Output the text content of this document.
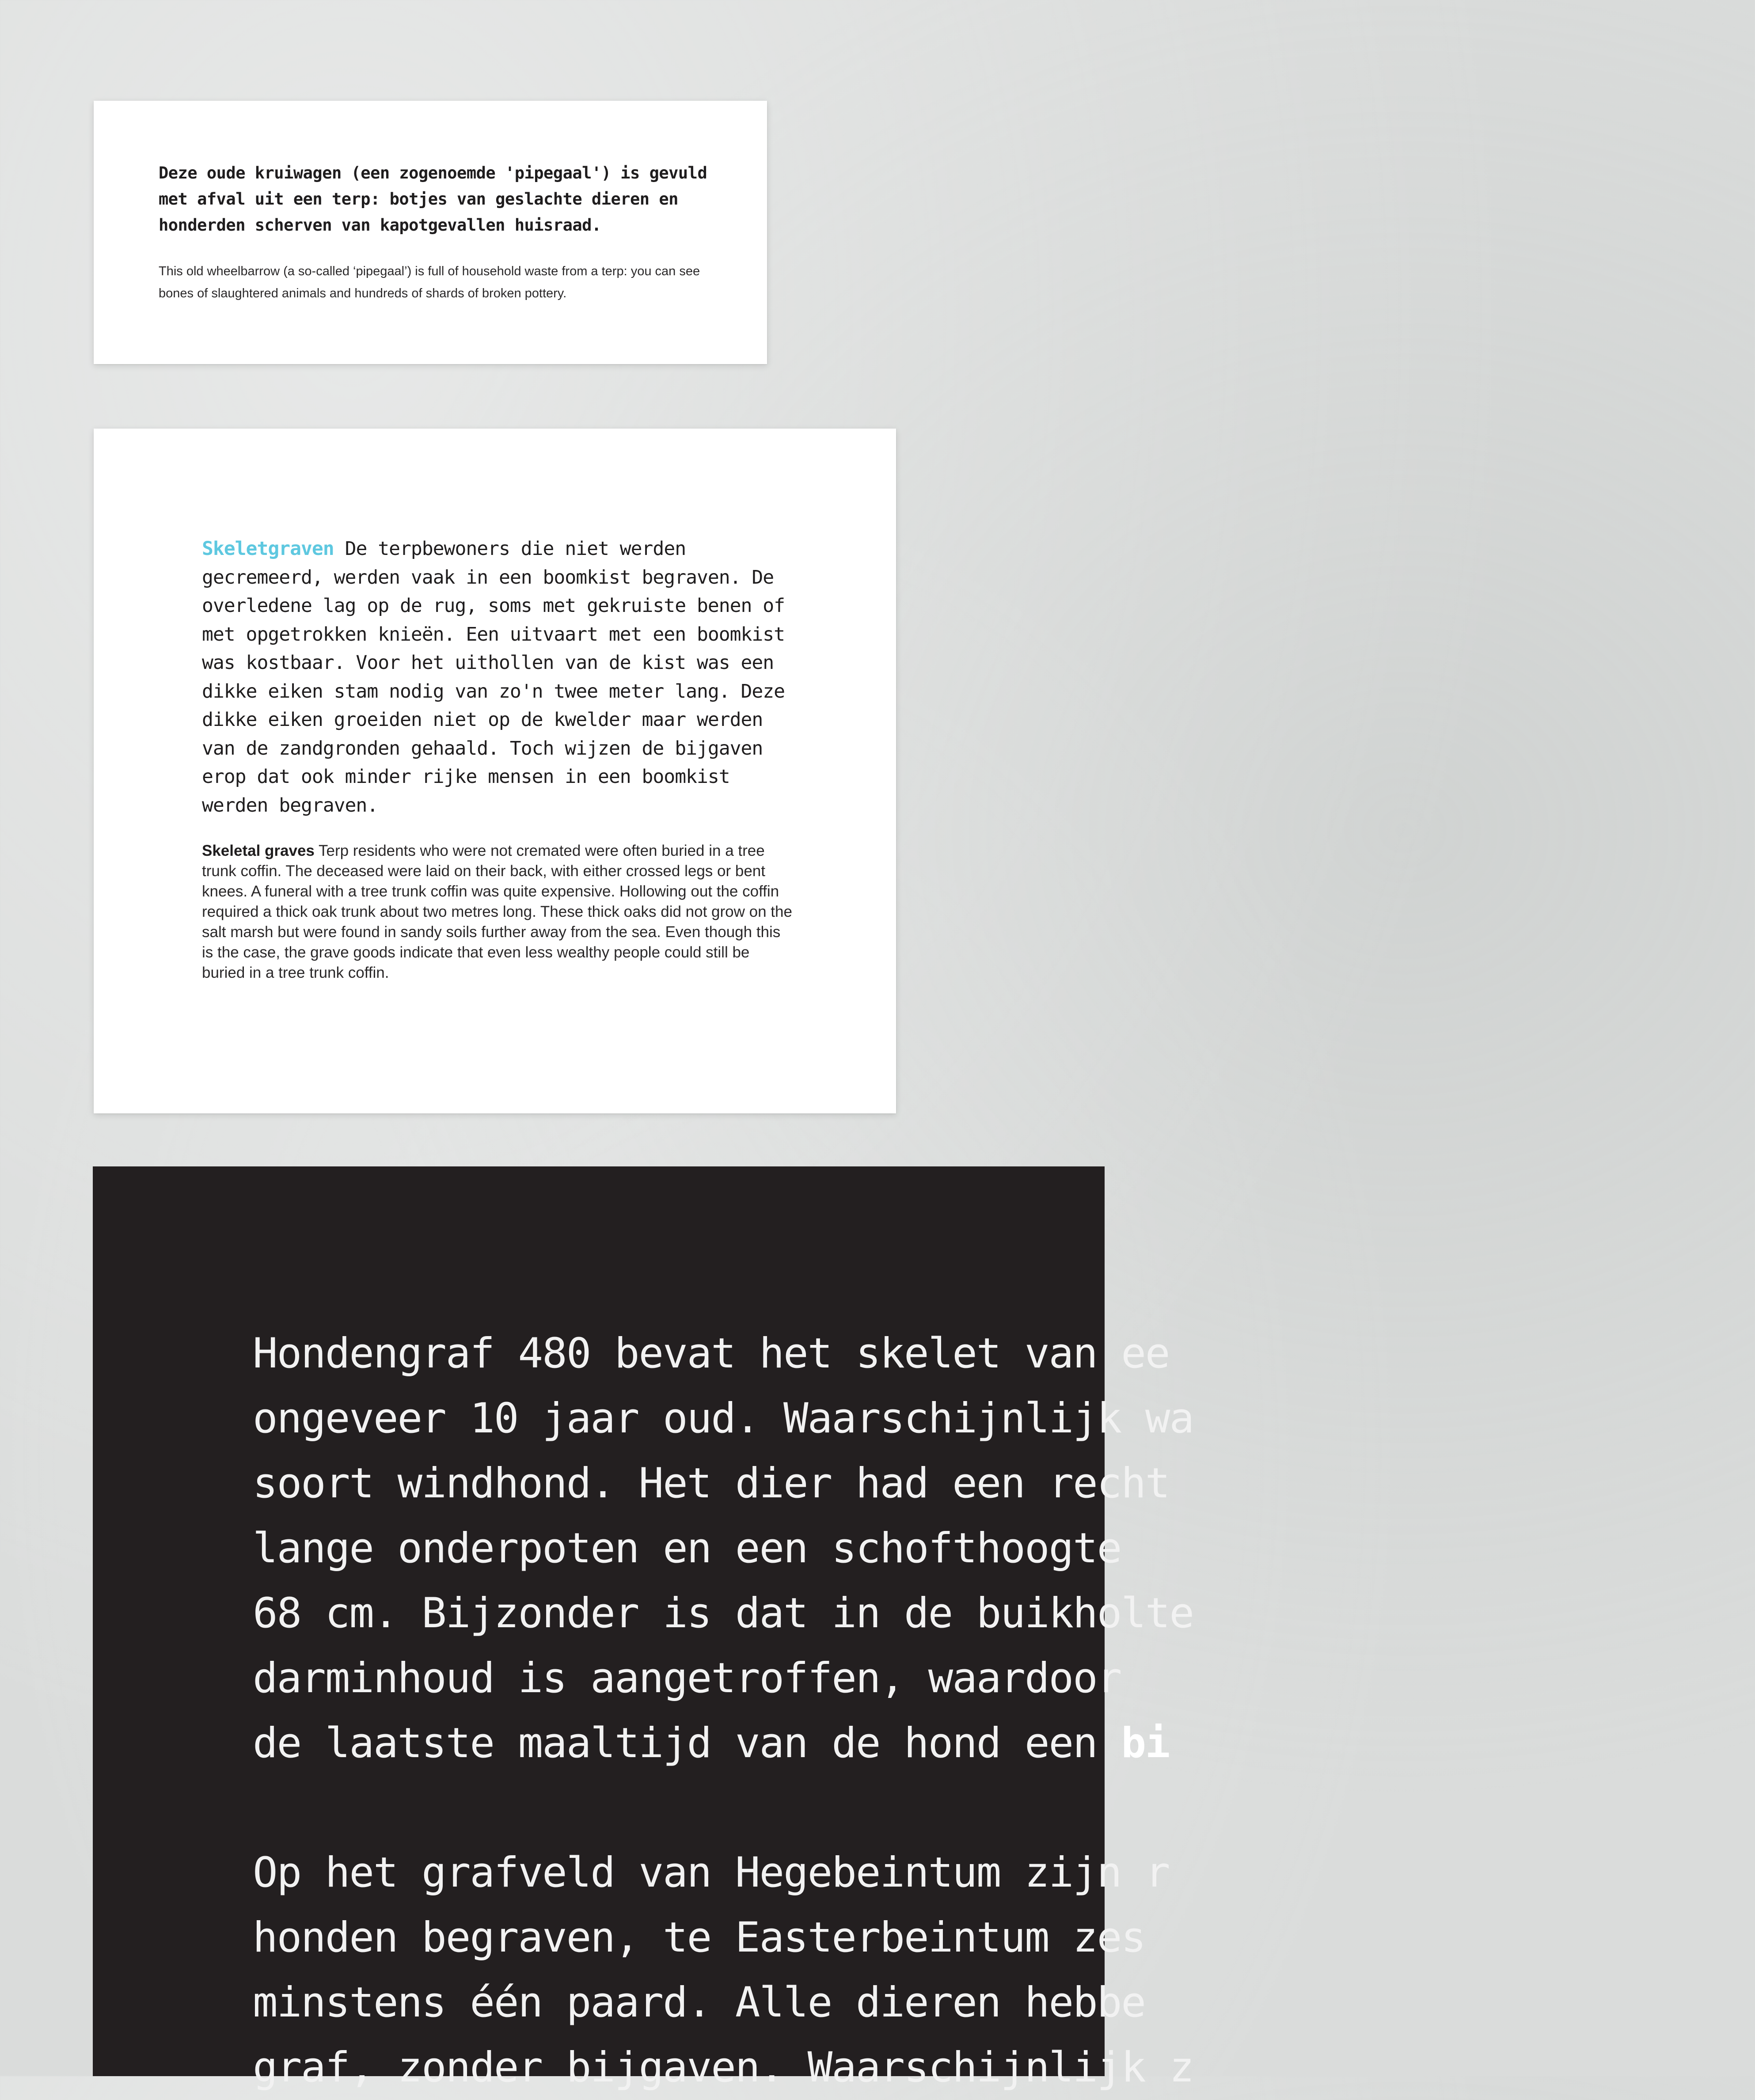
Deze oude kruiwagen (een zogenoemde 'pipegaal') is gevuld met afval uit een terp: botjes van geslachte dieren en honderden scherven van kapotgevallen huisraad.
This old wheelbarrow (a so-called ‘pipegaal’) is full of household waste from a terp: you can see bones of slaughtered animals and hundreds of shards of broken pottery.
Skeletgraven De terpbewoners die niet werden gecremeerd, werden vaak in een boomkist begraven. De overledene lag op de rug, soms met gekruiste benen of met opgetrokken knieën. Een uitvaart met een boomkist was kostbaar. Voor het uithollen van de kist was een dikke eiken stam nodig van zo'n twee meter lang. Deze dikke eiken groeiden niet op de kwelder maar werden van de zandgronden gehaald. Toch wijzen de bijgaven erop dat ook minder rijke mensen in een boomkist werden begraven.
Skeletal graves Terp residents who were not cremated were often buried in a tree trunk coffin. The deceased were laid on their back, with either crossed legs or bent knees. A funeral with a tree trunk coffin was quite expensive. Hollowing out the coffin required a thick oak trunk about two metres long. These thick oaks did not grow on the salt marsh but were found in sandy soils further away from the sea. Even though this is the case, the grave goods indicate that even less wealthy people could still be buried in a tree trunk coffin.
Hondengraf 480 bevat het skelet van ee
ongeveer 10 jaar oud. Waarschijnlijk wa
soort windhond. Het dier had een recht
lange onderpoten en een schofthoogte
68 cm. Bijzonder is dat in de buikholte
darminhoud is aangetroffen, waardoor
de laatste maaltijd van de hond een bi
Op het grafveld van Hegebeintum zijn r
honden begraven, te Easterbeintum zes
minstens één paard. Alle dieren hebbe
graf, zonder bijgaven. Waarschijnlijk z
